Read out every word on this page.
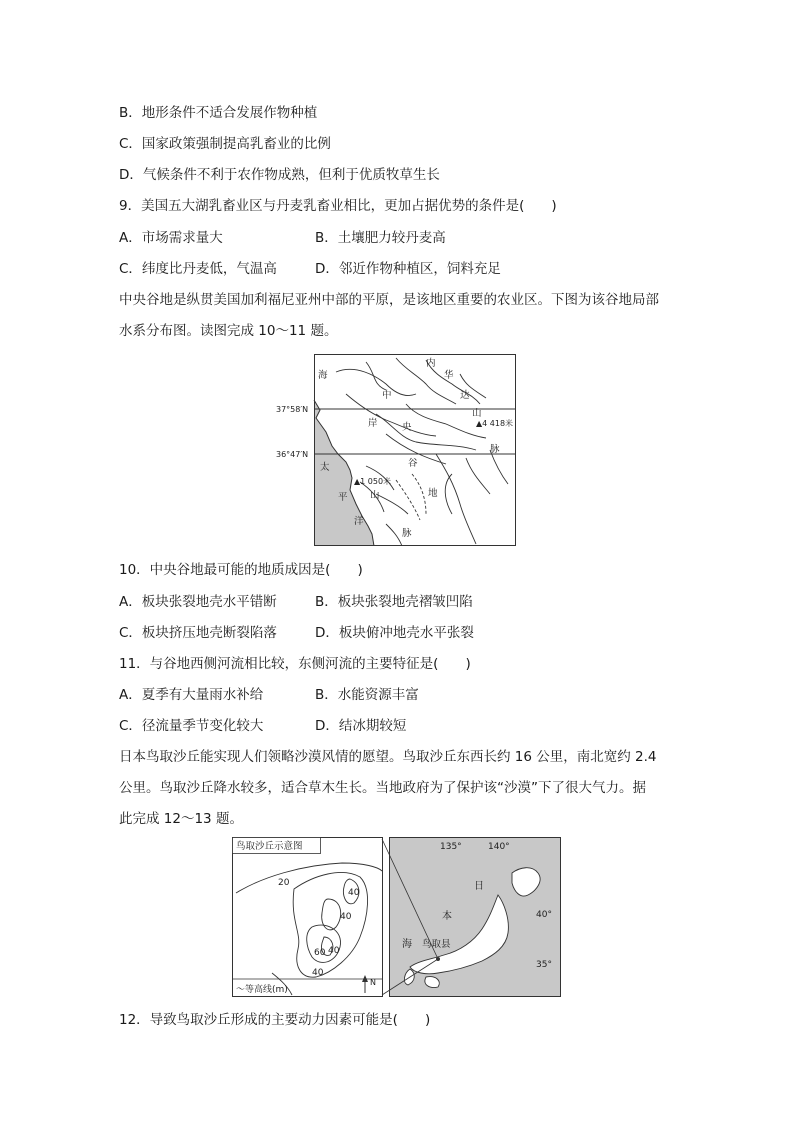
B．地形条件不适合发展作物种植
C．国家政策强制提高乳畜业的比例
D．气候条件不利于农作物成熟，但利于优质牧草生长
9．美国五大湖乳畜业区与丹麦乳畜业相比，更加占据优势的条件是(　　)
A．市场需求量大	B．土壤肥力较丹麦高
C．纬度比丹麦低，气温高	D．邻近作物种植区，饲料充足
中央谷地是纵贯美国加利福尼亚州中部的平原，是该地区重要的农业区。下图为该谷地局部
水系分布图。读图完成 10～11 题。
37°58′N
36°47′N
海
岸
太
平
洋
内
华
达
山
脉
▲4 418米
中
央
谷
地
▲1 050米
山
脉
10．中央谷地最可能的地质成因是(　　)
A．板块张裂地壳水平错断	B．板块张裂地壳褶皱凹陷
C．板块挤压地壳断裂陷落	D．板块俯冲地壳水平张裂
11．与谷地西侧河流相比较，东侧河流的主要特征是(　　)
A．夏季有大量雨水补给	B．水能资源丰富
C．径流量季节变化较大	D．结冰期较短
日本鸟取沙丘能实现人们领略沙漠风情的愿望。鸟取沙丘东西长约 16 公里，南北宽约 2.4
公里。鸟取沙丘降水较多，适合草木生长。当地政府为了保护该“沙漠”下了很大气力。据
此完成 12～13 题。
鸟取沙丘示意图
20
40
40
40
60
40
〜等高线(m)
N
135°	140°
40°
35°
日
本
海 鸟取县
12．导致鸟取沙丘形成的主要动力因素可能是(　　)
